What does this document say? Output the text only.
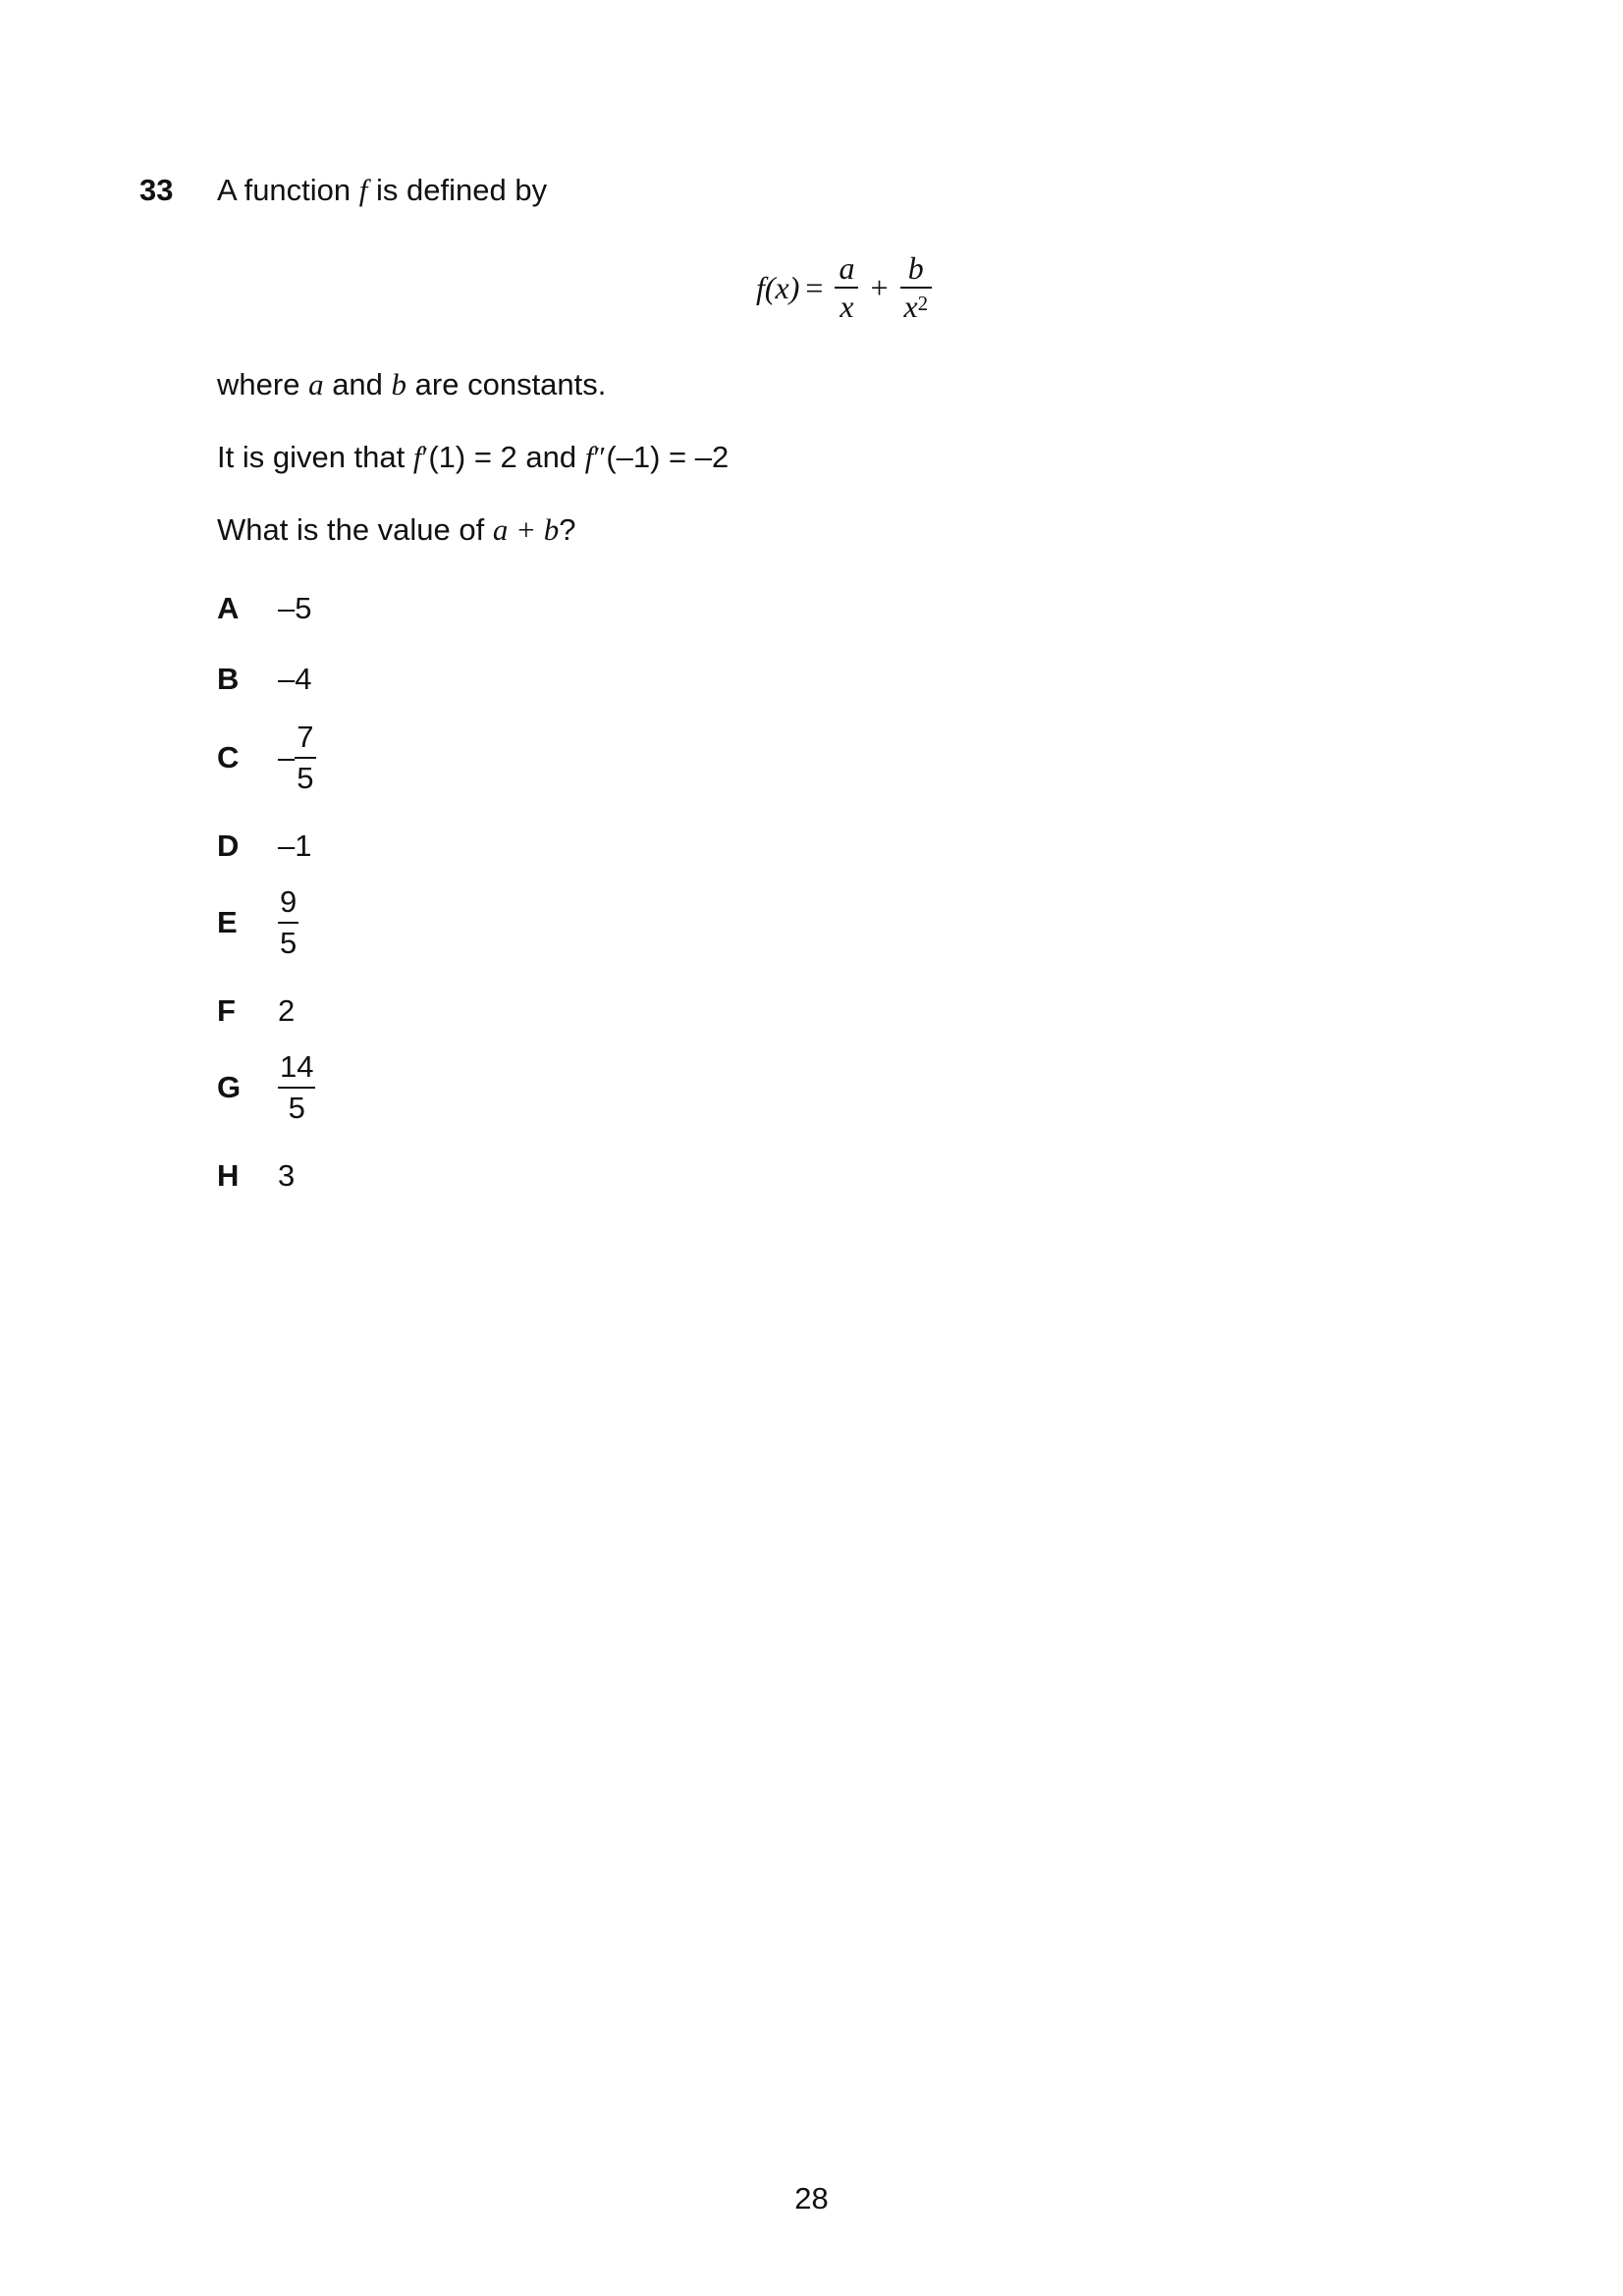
33 A function f is defined by
$f(x) = \frac{a}{x} + \frac{b}{x^2}$
where a and b are constants.
It is given that f′(1) = 2 and f″(–1) = –2
What is the value of a + b?
A	–5
B	–4
C	– $\frac{7}{5}$
D	–1
E	$\frac{9}{5}$
F	2
G	$\frac{14}{5}$
H	3
28
